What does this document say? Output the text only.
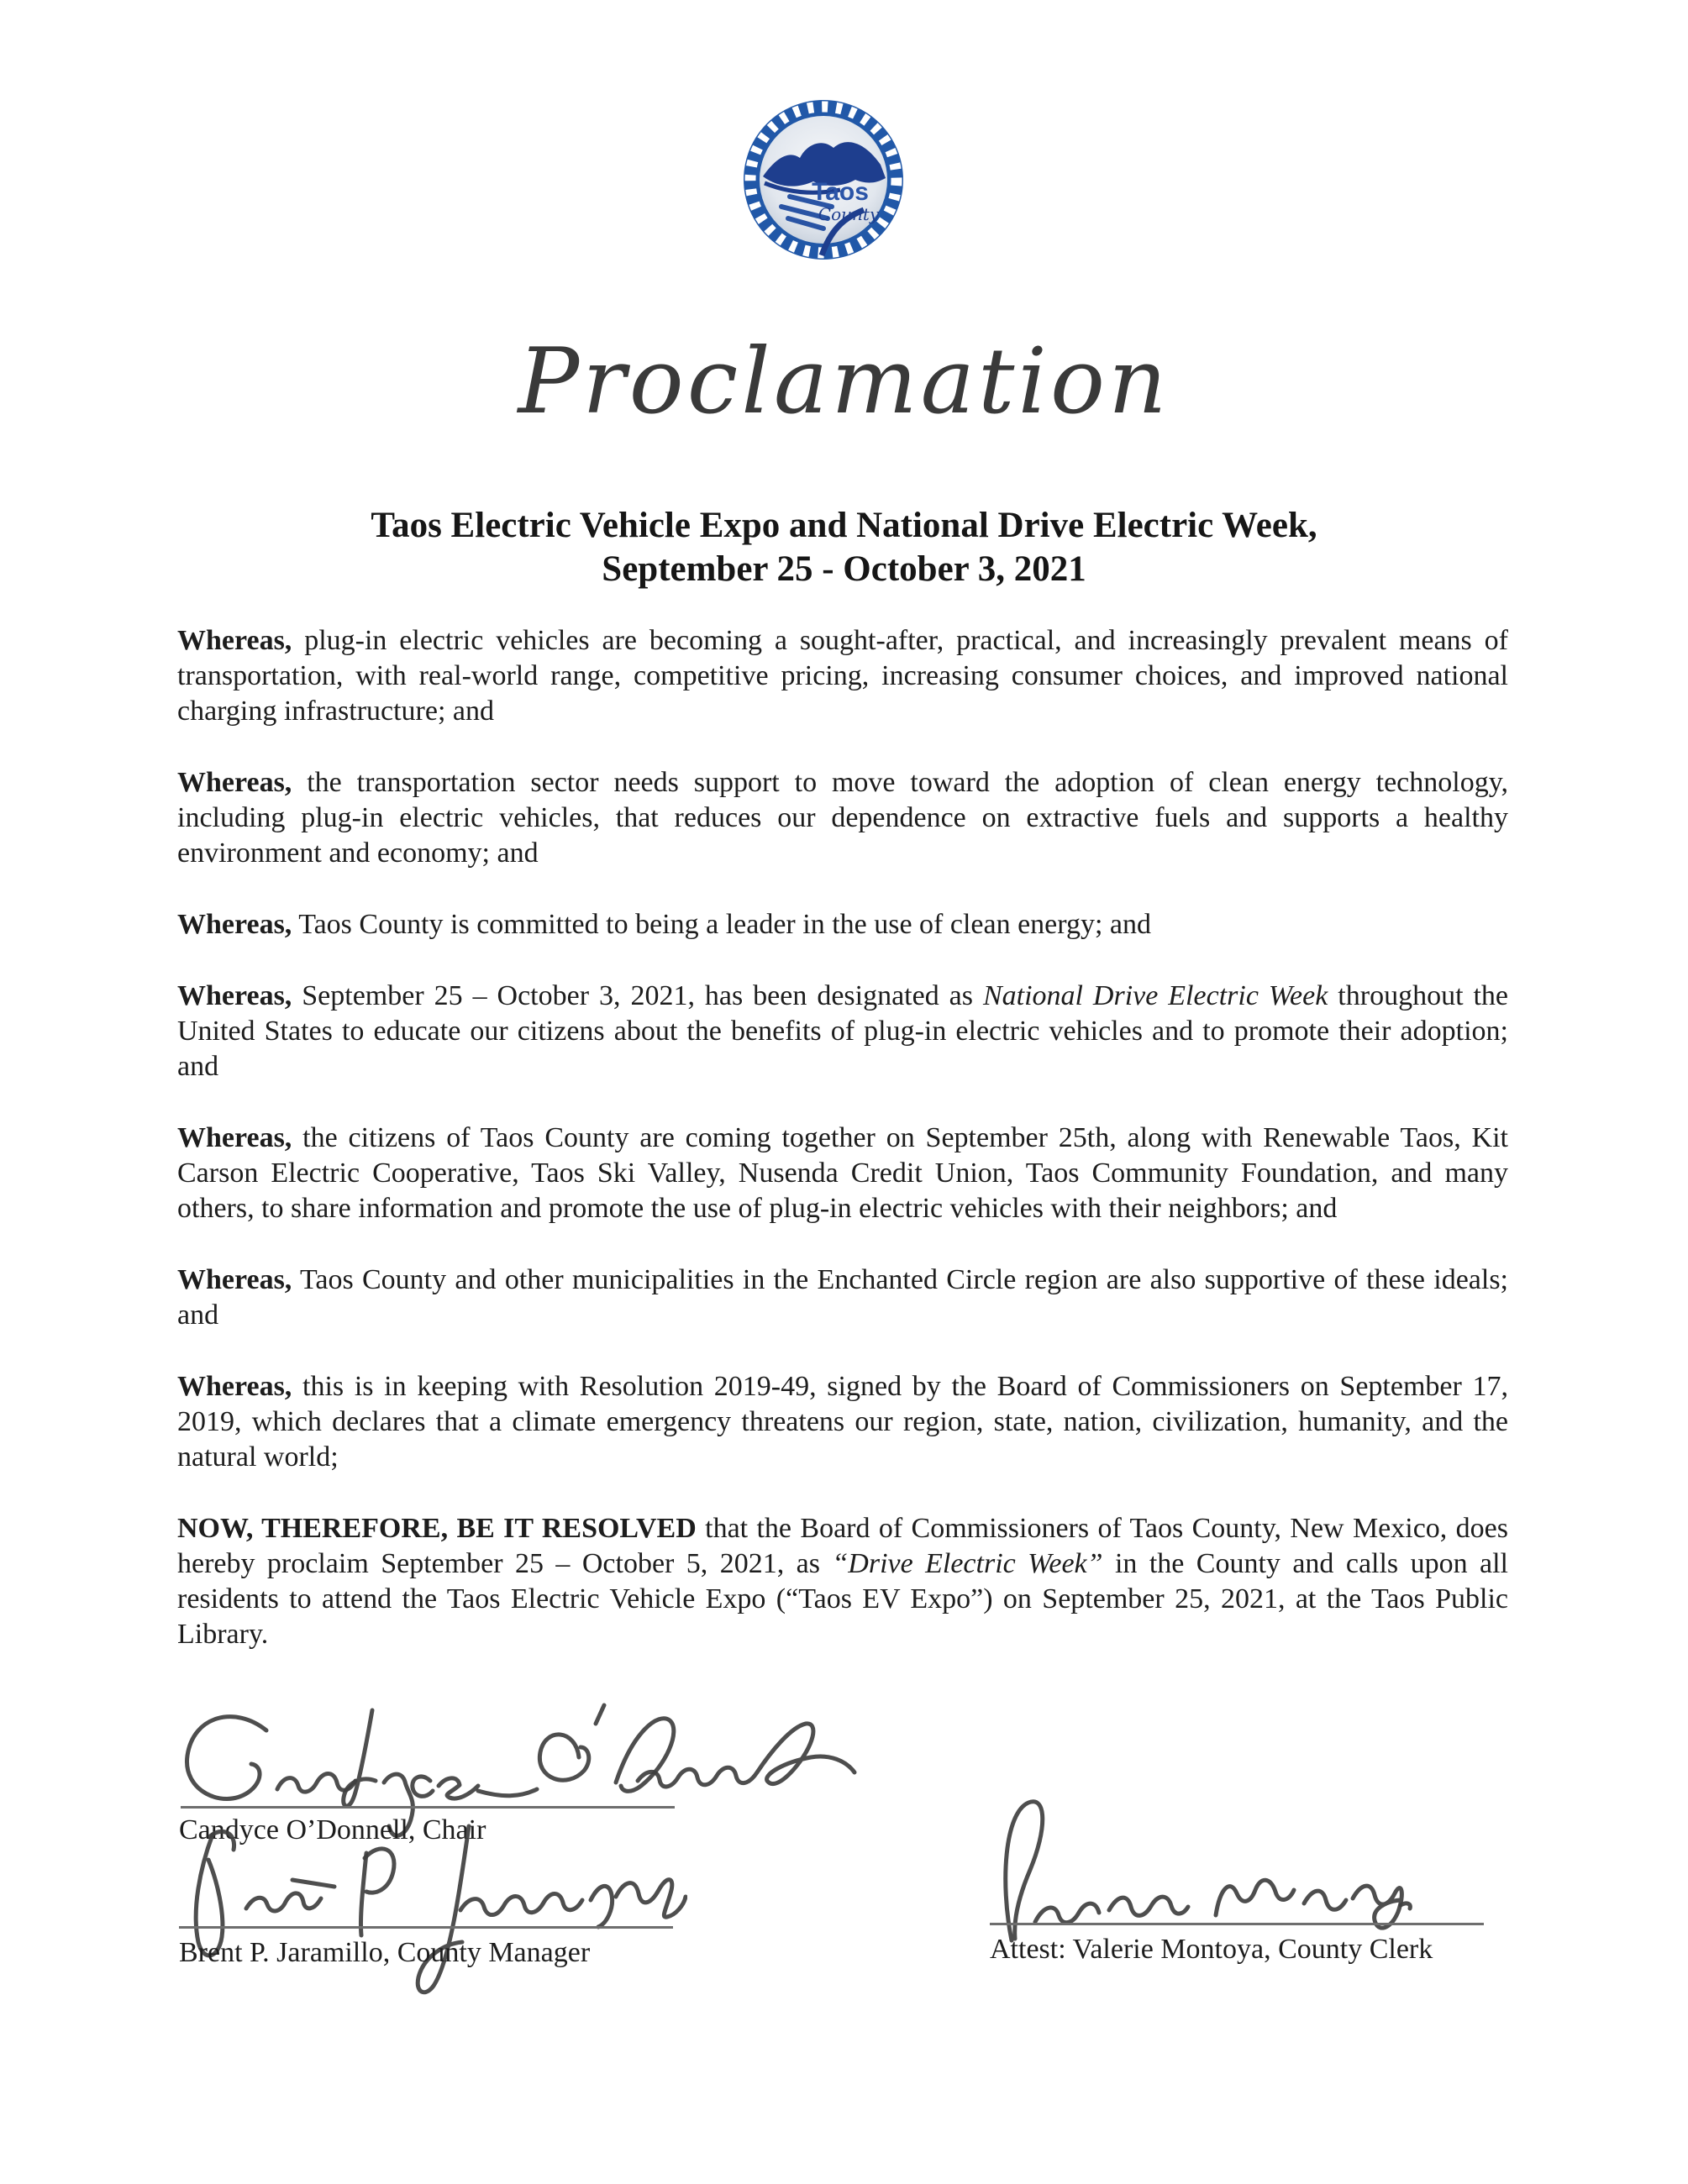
Taos
County
Proclamation
Taos Electric Vehicle Expo and National Drive Electric Week,
September 25 - October 3, 2021

Whereas, plug-in electric vehicles are becoming a sought-after, practical, and increasingly prevalent means of transportation, with real-world range, competitive pricing, increasing consumer choices, and improved national charging infrastructure; and

Whereas, the transportation sector needs support to move toward the adoption of clean energy technology, including plug-in electric vehicles, that reduces our dependence on extractive fuels and supports a healthy environment and economy; and

Whereas, Taos County is committed to being a leader in the use of clean energy; and

Whereas, September 25 – October 3, 2021, has been designated as National Drive Electric Week throughout the United States to educate our citizens about the benefits of plug-in electric vehicles and to promote their adoption; and

Whereas, the citizens of Taos County are coming together on September 25th, along with Renewable Taos, Kit Carson Electric Cooperative, Taos Ski Valley, Nusenda Credit Union, Taos Community Foundation, and many others, to share information and promote the use of plug-in electric vehicles with their neighbors; and

Whereas, Taos County and other municipalities in the Enchanted Circle region are also supportive of these ideals; and

Whereas, this is in keeping with Resolution 2019-49, signed by the Board of Commissioners on September 17, 2019, which declares that a climate emergency threatens our region, state, nation, civilization, humanity, and the natural world;

NOW, THEREFORE, BE IT RESOLVED that the Board of Commissioners of Taos County, New Mexico, does hereby proclaim September 25 – October 5, 2021, as “Drive Electric Week” in the County and calls upon all residents to attend the Taos Electric Vehicle Expo (“Taos EV Expo”) on September 25, 2021, at the Taos Public Library.

Candyce O’Donnell, Chair
Brent P. Jaramillo, County Manager	Attest: Valerie Montoya, County Clerk
